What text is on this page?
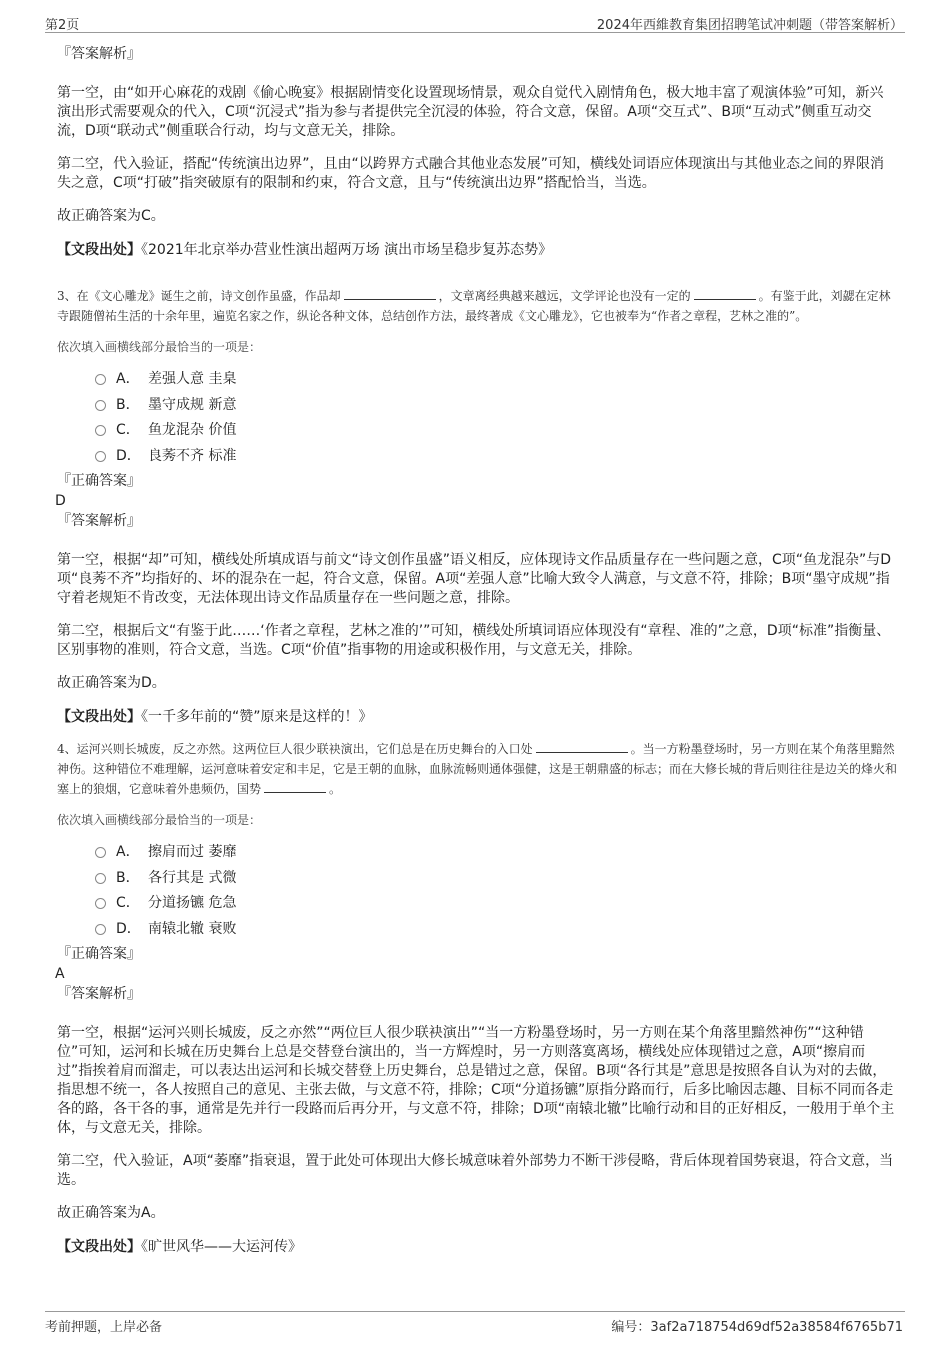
第2页	2024年西維教育集团招聘笔试冲刺题（带答案解析）

『答案解析』

第一空，由“如开心麻花的戏剧《偷心晚宴》根据剧情变化设置现场情景，观众自觉代入剧情角色，极大地丰富了观演体验”可知，新兴演出形式需要观众的代入，C项“沉浸式”指为参与者提供完全沉浸的体验，符合文意，保留。A项“交互式”、B项“互动式”侧重互动交流，D项“联动式”侧重联合行动，均与文意无关，排除。

第二空，代入验证，搭配“传统演出边界”，且由“以跨界方式融合其他业态发展”可知，横线处词语应体现演出与其他业态之间的界限消失之意，C项“打破”指突破原有的限制和约束，符合文意，且与“传统演出边界”搭配恰当，当选。

故正确答案为C。

【文段出处】《2021年北京举办营业性演出超两万场 演出市场呈稳步复苏态势》

3、在《文心雕龙》诞生之前，诗文创作虽盛，作品却	，文章离经典越来越远，文学评论也没有一定的	。有鉴于此，刘勰在定林寺跟随僧祐生活的十余年里，遍览名家之作，纵论各种文体，总结创作方法，最终著成《文心雕龙》，它也被奉为“作者之章程，艺林之准的”。

依次填入画横线部分最恰当的一项是：

A． 差强人意 圭臬
B． 墨守成规 新意
C． 鱼龙混杂 价值
D． 良莠不齐 标准

『正确答案』

D

『答案解析』

第一空，根据“却”可知，横线处所填成语与前文“诗文创作虽盛”语义相反，应体现诗文作品质量存在一些问题之意，C项“鱼龙混杂”与D项“良莠不齐”均指好的、坏的混杂在一起，符合文意，保留。A项“差强人意”比喻大致令人满意，与文意不符，排除；B项“墨守成规”指守着老规矩不肯改变，无法体现出诗文作品质量存在一些问题之意，排除。

第二空，根据后文“有鉴于此……‘作者之章程，艺林之准的’”可知，横线处所填词语应体现没有“章程、准的”之意，D项“标准”指衡量、区别事物的准则，符合文意，当选。C项“价值”指事物的用途或积极作用，与文意无关，排除。

故正确答案为D。

【文段出处】《一千多年前的“赞”原来是这样的！》

4、运河兴则长城废，反之亦然。这两位巨人很少联袂演出，它们总是在历史舞台的入口处	。当一方粉墨登场时，另一方则在某个角落里黯然神伤。这种错位不难理解，运河意味着安定和丰足，它是王朝的血脉，血脉流畅则通体强健，这是王朝鼎盛的标志；而在大修长城的背后则往往是边关的烽火和塞上的狼烟，它意味着外患频仍，国势	。

依次填入画横线部分最恰当的一项是：

A． 擦肩而过 萎靡
B． 各行其是 式微
C． 分道扬镳 危急
D． 南辕北辙 衰败

『正确答案』

A

『答案解析』

第一空，根据“运河兴则长城废，反之亦然”“两位巨人很少联袂演出”“当一方粉墨登场时，另一方则在某个角落里黯然神伤”“这种错位”可知，运河和长城在历史舞台上总是交替登台演出的，当一方辉煌时，另一方则落寞离场，横线处应体现错过之意，A项“擦肩而过”指挨着肩而溜走，可以表达出运河和长城交替登上历史舞台，总是错过之意，保留。B项“各行其是”意思是按照各自认为对的去做，指思想不统一，各人按照自己的意见、主张去做，与文意不符，排除；C项“分道扬镳”原指分路而行，后多比喻因志趣、目标不同而各走各的路，各干各的事，通常是先并行一段路而后再分开，与文意不符，排除；D项“南辕北辙”比喻行动和目的正好相反，一般用于单个主体，与文意无关，排除。

第二空，代入验证，A项“萎靡”指衰退，置于此处可体现出大修长城意味着外部势力不断干涉侵略，背后体现着国势衰退，符合文意，当选。

故正确答案为A。

【文段出处】《旷世风华——大运河传》
考前押题，上岸必备	编号：3af2a718754d69df52a38584f6765b71
